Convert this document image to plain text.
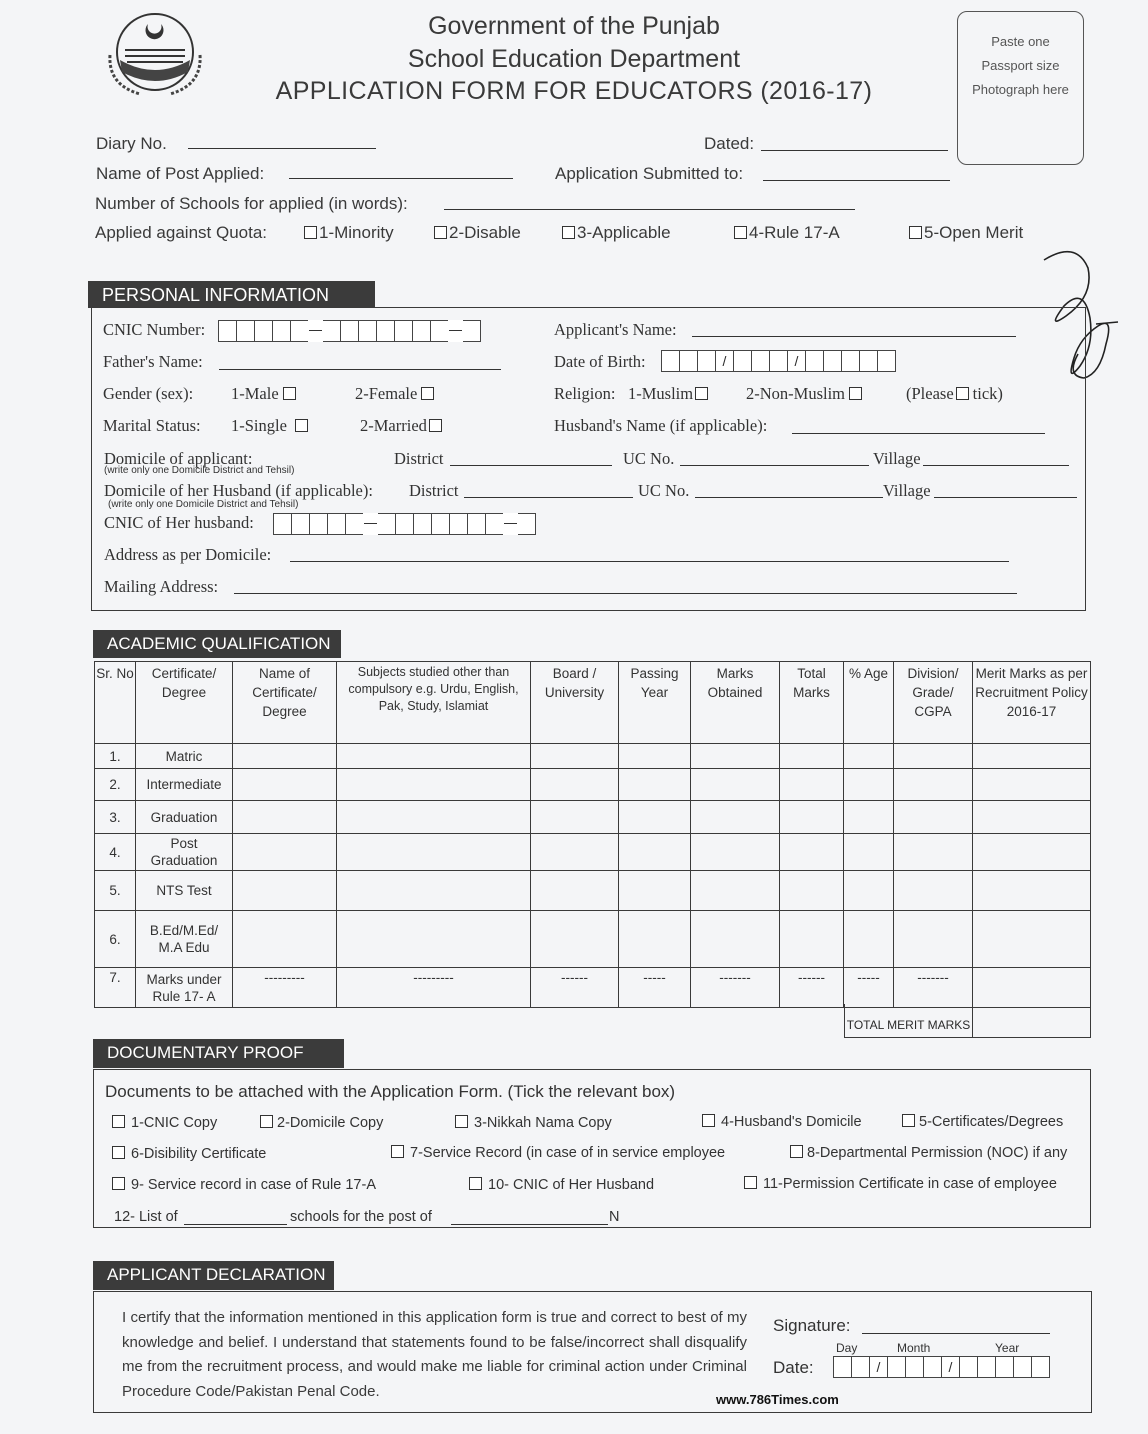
Government of the Punjab
School Education Department
APPLICATION FORM FOR EDUCATORS (2016-17)
Paste one
Passport size
Photograph here
Diary No.	Dated:
Name of Post Applied:	Application Submitted to:
Number of Schools for applied (in words):
Applied against Quota:	1-Minority	2-Disable	3-Applicable	4-Rule 17-A	5-Open Merit
PERSONAL INFORMATION
CNIC Number:	Applicant's Name:
Father's Name:	Date of Birth:	/	/
Gender (sex): 1-Male	2-Female	Religion: 1-Muslim	2-Non-Muslim	(Please tick)
Marital Status: 1-Single	2-Married	Husband's Name (if applicable):
Domicile of applicant:
(write only one Domicile District and Tehsil)
District	UC No.	Village
Domicile of her Husband (if applicable): District	UC No.	Village
(write only one Domicile District and Tehsil)
CNIC of Her husband:
Address as per Domicile:
Mailing Address:
ACADEMIC QUALIFICATION
Sr. No	Certificate/ Degree	Name of Certificate/ Degree	Subjects studied other than compulsory e.g. Urdu, English, Pak, Study, Islamiat	Board / University	Passing Year	Marks Obtained	Total Marks	% Age	Division/ Grade/ CGPA	Merit Marks as per Recruitment Policy 2016-17
1.	Matric									
2.	Intermediate									
3.	Graduation									
4.	Post Graduation									
5.	NTS Test									
6.	B.Ed/M.Ed/ M.A Edu									
7.	Marks under Rule 17- A	---------	---------	------	-----	-------	------	-----	-------	
TOTAL MERIT MARKS
DOCUMENTARY PROOF
Documents to be attached with the Application Form. (Tick the relevant box)
1-CNIC Copy	2-Domicile Copy	3-Nikkah Nama Copy	4-Husband's Domicile	5-Certificates/Degrees
6-Disibility Certificate	7-Service Record (in case of in service employee	8-Departmental Permission (NOC) if any
9- Service record in case of Rule 17-A	10- CNIC of Her Husband	11-Permission Certificate in case of employee
12- List of	schools for the post of	N
APPLICANT DECLARATION
I certify that the information mentioned in this application form is true and correct to best of my knowledge and belief. I understand that statements found to be false/incorrect shall disqualify me from the recruitment process, and would make me liable for criminal action under Criminal Procedure Code/Pakistan Penal Code.
Signature:
Day	Month	Year
Date:	/	/
www.786Times.com
